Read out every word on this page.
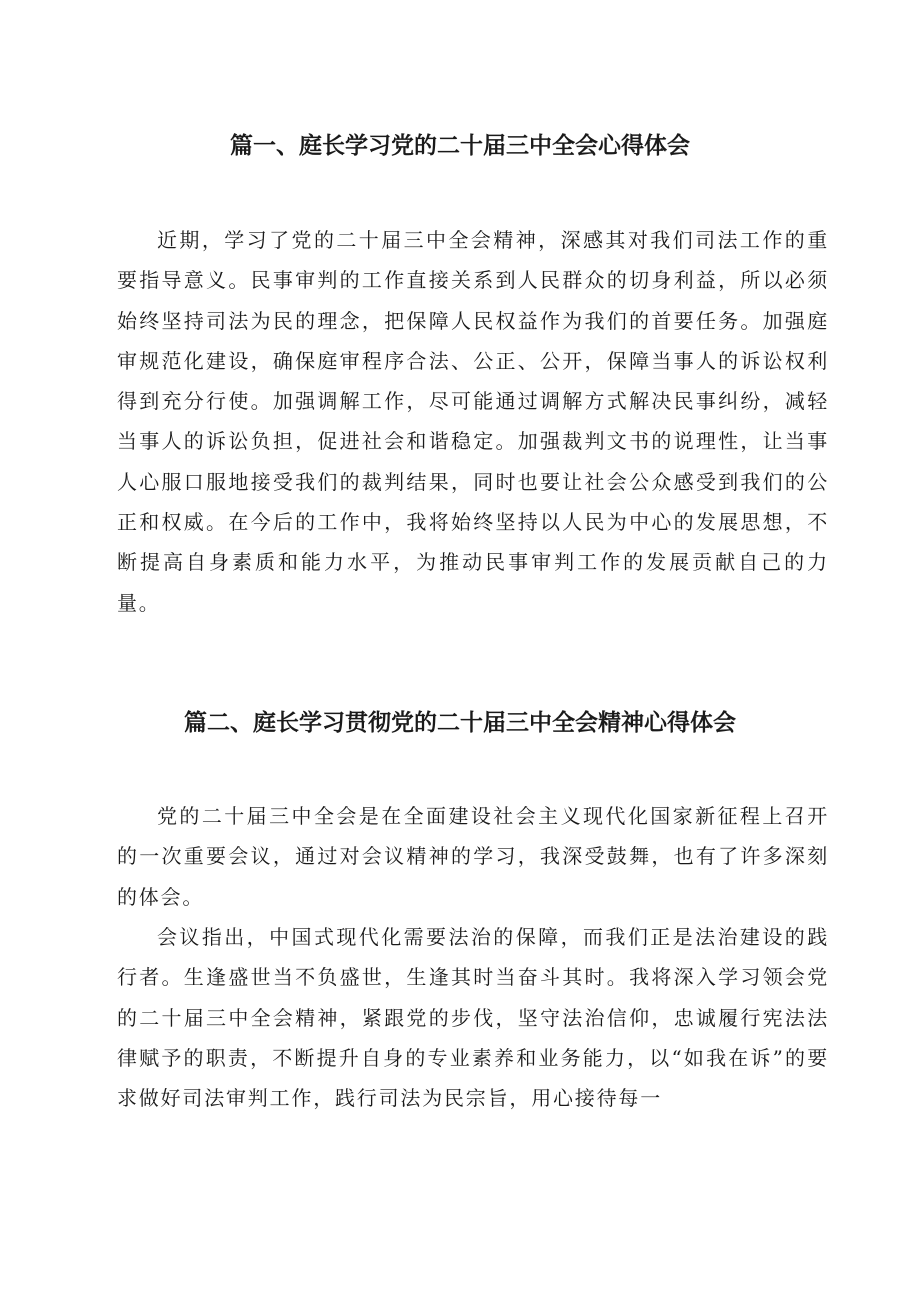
篇一、庭长学习党的二十届三中全会心得体会

近期，学习了党的二十届三中全会精神，深感其对我们司法工作的重要指导意义。民事审判的工作直接关系到人民群众的切身利益，所以必须始终坚持司法为民的理念，把保障人民权益作为我们的首要任务。加强庭审规范化建设，确保庭审程序合法、公正、公开，保障当事人的诉讼权利得到充分行使。加强调解工作，尽可能通过调解方式解决民事纠纷，减轻当事人的诉讼负担，促进社会和谐稳定。加强裁判文书的说理性，让当事人心服口服地接受我们的裁判结果，同时也要让社会公众感受到我们的公正和权威。在今后的工作中，我将始终坚持以人民为中心的发展思想，不断提高自身素质和能力水平，为推动民事审判工作的发展贡献自己的力量。

篇二、庭长学习贯彻党的二十届三中全会精神心得体会

党的二十届三中全会是在全面建设社会主义现代化国家新征程上召开的一次重要会议，通过对会议精神的学习，我深受鼓舞，也有了许多深刻的体会。

会议指出，中国式现代化需要法治的保障，而我们正是法治建设的践行者。生逢盛世当不负盛世，生逢其时当奋斗其时。我将深入学习领会党的二十届三中全会精神，紧跟党的步伐，坚守法治信仰，忠诚履行宪法法律赋予的职责，不断提升自身的专业素养和业务能力，以“如我在诉”的要求做好司法审判工作，践行司法为民宗旨，用心接待每一
